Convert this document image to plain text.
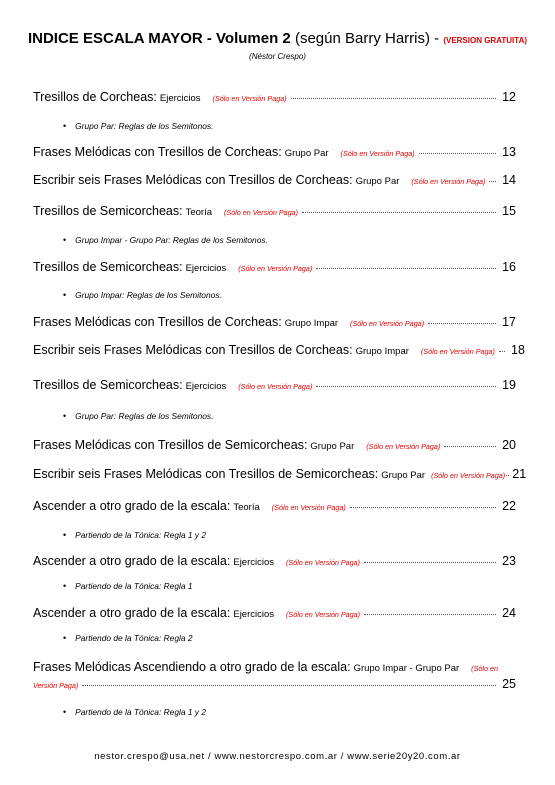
INDICE ESCALA MAYOR - Volumen 2 (según Barry Harris) - (VERSION GRATUITA)
(Néstor Crespo)
Tresillos de Corcheas: Ejercicios (Sólo en Versión Paga)	12
• Grupo Par: Reglas de los Semitonos.
Frases Melódicas con Tresillos de Corcheas: Grupo Par (Sólo en Versión Paga)	13
Escribir seis Frases Melódicas con Tresillos de Corcheas: Grupo Par (Sólo en Versión Paga) 14
Tresillos de Semicorcheas: Teoría (Sólo en Versión Paga)	15
• Grupo Impar - Grupo Par: Reglas de los Semitonos.
Tresillos de Semicorcheas: Ejercicios (Sólo en Versión Paga)	16
• Grupo Impar: Reglas de los Semitonos.
Frases Melódicas con Tresillos de Corcheas: Grupo Impar (Sólo en Versión Paga)	17
Escribir seis Frases Melódicas con Tresillos de Corcheas: Grupo Impar (Sólo en Versión Paga) 18
Tresillos de Semicorcheas: Ejercicios (Sólo en Versión Paga)	19
• Grupo Par: Reglas de los Semitonos.
Frases Melódicas con Tresillos de Semicorcheas: Grupo Par (Sólo en Versión Paga)	20
Escribir seis Frases Melódicas con Tresillos de Semicorcheas: Grupo Par (Sólo en Versión Paga) 21
Ascender a otro grado de la escala: Teoría (Sólo en Versión Paga)	22
• Partiendo de la Tónica: Regla 1 y 2
Ascender a otro grado de la escala: Ejercicios (Sólo en Versión Paga)	23
• Partiendo de la Tónica: Regla 1
Ascender a otro grado de la escala: Ejercicios (Sólo en Versión Paga)	24
• Partiendo de la Tónica: Regla 2
Frases Melódicas Ascendiendo a otro grado de la escala: Grupo Impar - Grupo Par (Sólo en
Versión Paga)	25
• Partiendo de la Tónica: Regla 1 y 2
nestor.crespo@usa.net / www.nestorcrespo.com.ar / www.serie20y20.com.ar
